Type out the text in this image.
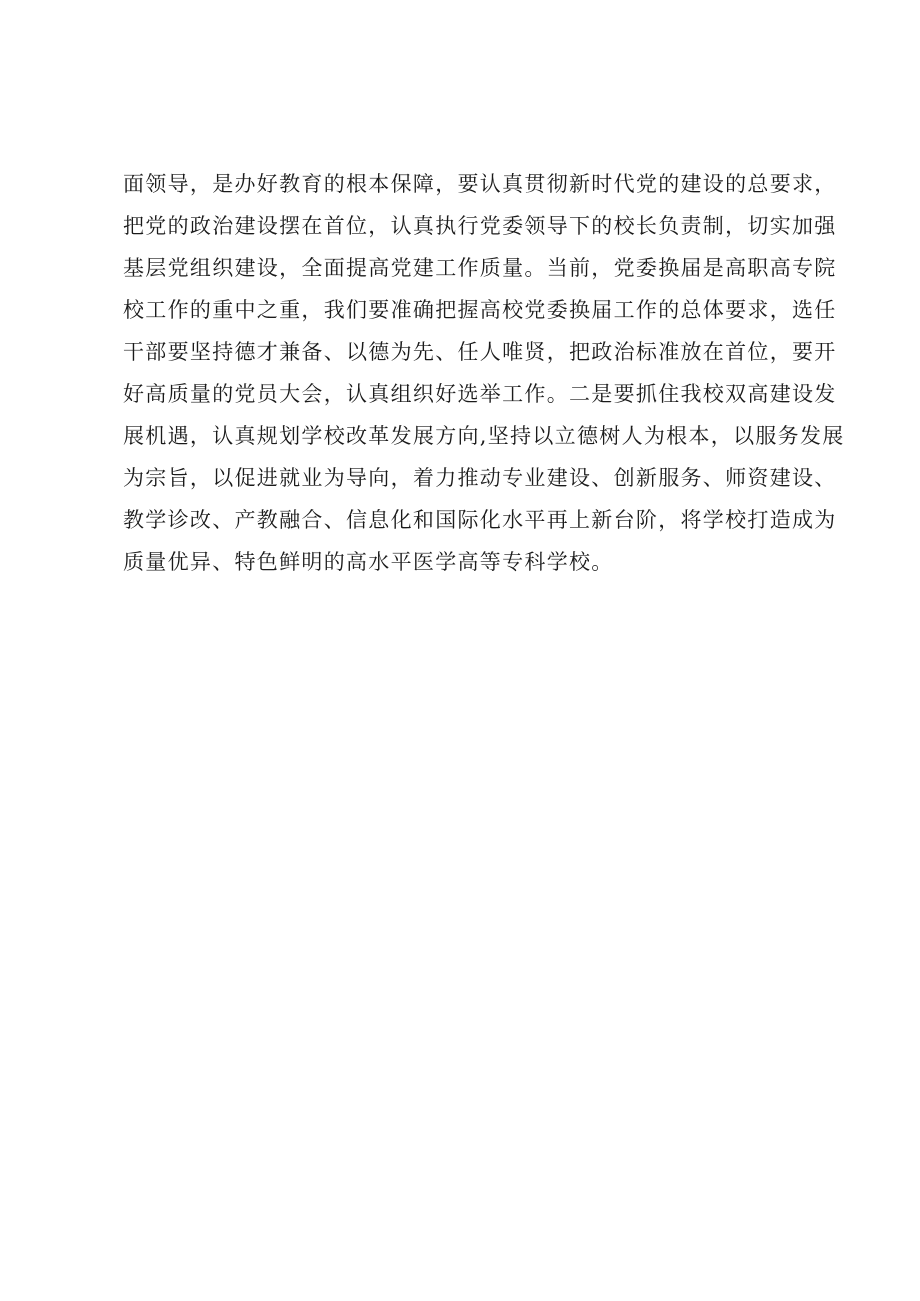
面领导，是办好教育的根本保障，要认真贯彻新时代党的建设的总要求，

把党的政治建设摆在首位，认真执行党委领导下的校长负责制，切实加强

基层党组织建设，全面提高党建工作质量。当前，党委换届是高职高专院

校工作的重中之重，我们要准确把握高校党委换届工作的总体要求，选任

干部要坚持德才兼备、以德为先、任人唯贤，把政治标准放在首位，要开

好高质量的党员大会，认真组织好选举工作。二是要抓住我校双高建设发

展机遇，认真规划学校改革发展方向,坚持以立德树人为根本，以服务发展

为宗旨，以促进就业为导向，着力推动专业建设、创新服务、师资建设、

教学诊改、产教融合、信息化和国际化水平再上新台阶，将学校打造成为

质量优异、特色鲜明的高水平医学高等专科学校。
